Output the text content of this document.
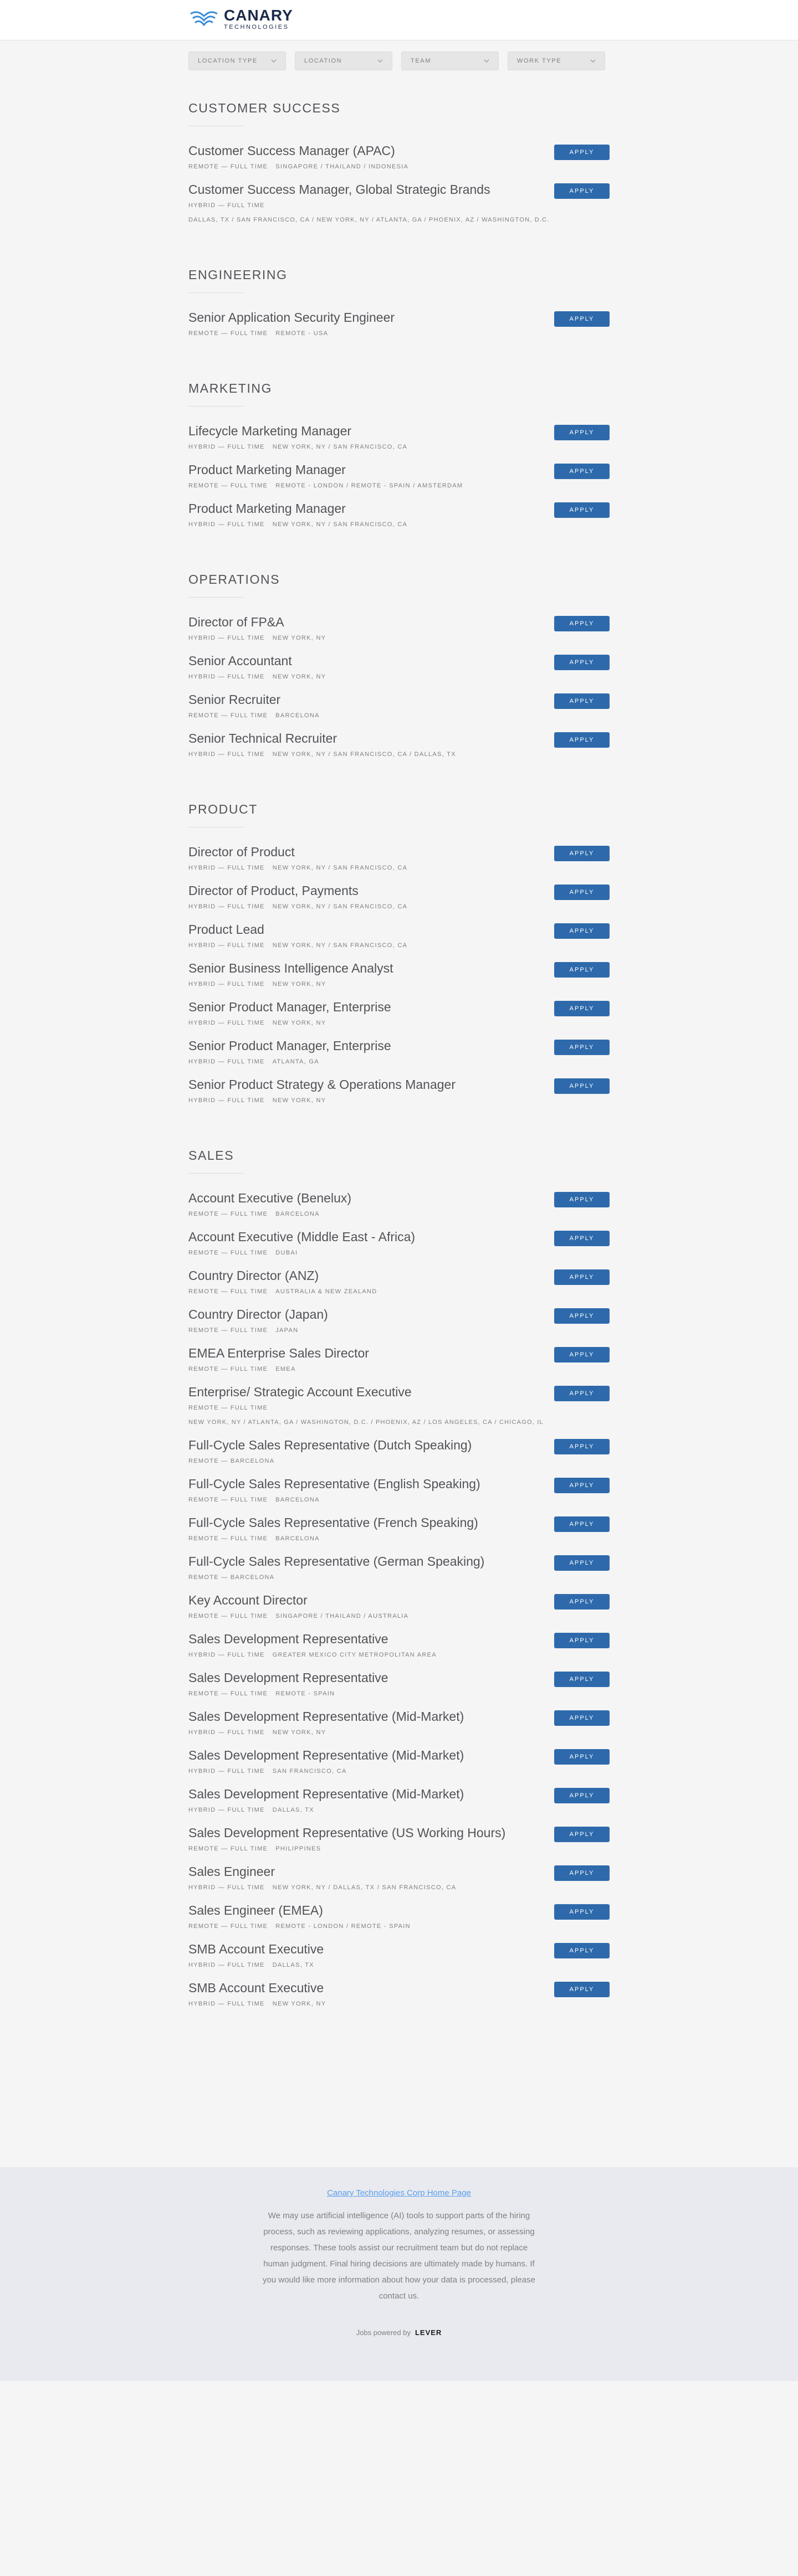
CANARY
TECHNOLOGIES
LOCATION TYPE	LOCATION	TEAM	WORK TYPE
CUSTOMER SUCCESS
Customer Success Manager (APAC)
REMOTE — FULL TIME SINGAPORE / THAILAND / INDONESIA
APPLY
Customer Success Manager, Global Strategic Brands
HYBRID — FULL TIME
DALLAS, TX / SAN FRANCISCO, CA / NEW YORK, NY / ATLANTA, GA / PHOENIX, AZ / WASHINGTON, D.C.
APPLY
ENGINEERING
Senior Application Security Engineer
REMOTE — FULL TIME REMOTE - USA
APPLY
MARKETING
Lifecycle Marketing Manager
HYBRID — FULL TIME NEW YORK, NY / SAN FRANCISCO, CA
APPLY
Product Marketing Manager
REMOTE — FULL TIME REMOTE - LONDON / REMOTE - SPAIN / AMSTERDAM
APPLY
Product Marketing Manager
HYBRID — FULL TIME NEW YORK, NY / SAN FRANCISCO, CA
APPLY
OPERATIONS
Director of FP&A
HYBRID — FULL TIME NEW YORK, NY
APPLY
Senior Accountant
HYBRID — FULL TIME NEW YORK, NY
APPLY
Senior Recruiter
REMOTE — FULL TIME BARCELONA
APPLY
Senior Technical Recruiter
HYBRID — FULL TIME NEW YORK, NY / SAN FRANCISCO, CA / DALLAS, TX
APPLY
PRODUCT
Director of Product
HYBRID — FULL TIME NEW YORK, NY / SAN FRANCISCO, CA
APPLY
Director of Product, Payments
HYBRID — FULL TIME NEW YORK, NY / SAN FRANCISCO, CA
APPLY
Product Lead
HYBRID — FULL TIME NEW YORK, NY / SAN FRANCISCO, CA
APPLY
Senior Business Intelligence Analyst
HYBRID — FULL TIME NEW YORK, NY
APPLY
Senior Product Manager, Enterprise
HYBRID — FULL TIME NEW YORK, NY
APPLY
Senior Product Manager, Enterprise
HYBRID — FULL TIME ATLANTA, GA
APPLY
Senior Product Strategy & Operations Manager
HYBRID — FULL TIME NEW YORK, NY
APPLY
SALES
Account Executive (Benelux)
REMOTE — FULL TIME BARCELONA
APPLY
Account Executive (Middle East - Africa)
REMOTE — FULL TIME DUBAI
APPLY
Country Director (ANZ)
REMOTE — FULL TIME AUSTRALIA & NEW ZEALAND
APPLY
Country Director (Japan)
REMOTE — FULL TIME JAPAN
APPLY
EMEA Enterprise Sales Director
REMOTE — FULL TIME EMEA
APPLY
Enterprise/ Strategic Account Executive
REMOTE — FULL TIME
NEW YORK, NY / ATLANTA, GA / WASHINGTON, D.C. / PHOENIX, AZ / LOS ANGELES, CA / CHICAGO, IL
APPLY
Full-Cycle Sales Representative (Dutch Speaking)
REMOTE — BARCELONA
APPLY
Full-Cycle Sales Representative (English Speaking)
REMOTE — FULL TIME BARCELONA
APPLY
Full-Cycle Sales Representative (French Speaking)
REMOTE — FULL TIME BARCELONA
APPLY
Full-Cycle Sales Representative (German Speaking)
REMOTE — BARCELONA
APPLY
Key Account Director
REMOTE — FULL TIME SINGAPORE / THAILAND / AUSTRALIA
APPLY
Sales Development Representative
HYBRID — FULL TIME GREATER MEXICO CITY METROPOLITAN AREA
APPLY
Sales Development Representative
REMOTE — FULL TIME REMOTE - SPAIN
APPLY
Sales Development Representative (Mid-Market)
HYBRID — FULL TIME NEW YORK, NY
APPLY
Sales Development Representative (Mid-Market)
HYBRID — FULL TIME SAN FRANCISCO, CA
APPLY
Sales Development Representative (Mid-Market)
HYBRID — FULL TIME DALLAS, TX
APPLY
Sales Development Representative (US Working Hours)
REMOTE — FULL TIME PHILIPPINES
APPLY
Sales Engineer
HYBRID — FULL TIME NEW YORK, NY / DALLAS, TX / SAN FRANCISCO, CA
APPLY
Sales Engineer (EMEA)
REMOTE — FULL TIME REMOTE - LONDON / REMOTE - SPAIN
APPLY
SMB Account Executive
HYBRID — FULL TIME DALLAS, TX
APPLY
SMB Account Executive
HYBRID — FULL TIME NEW YORK, NY
APPLY
Canary Technologies Corp Home Page
We may use artificial intelligence (AI) tools to support parts of the hiring process, such as reviewing applications, analyzing resumes, or assessing responses. These tools assist our recruitment team but do not replace human judgment. Final hiring decisions are ultimately made by humans. If you would like more information about how your data is processed, please contact us.
Jobs powered by LEVER
